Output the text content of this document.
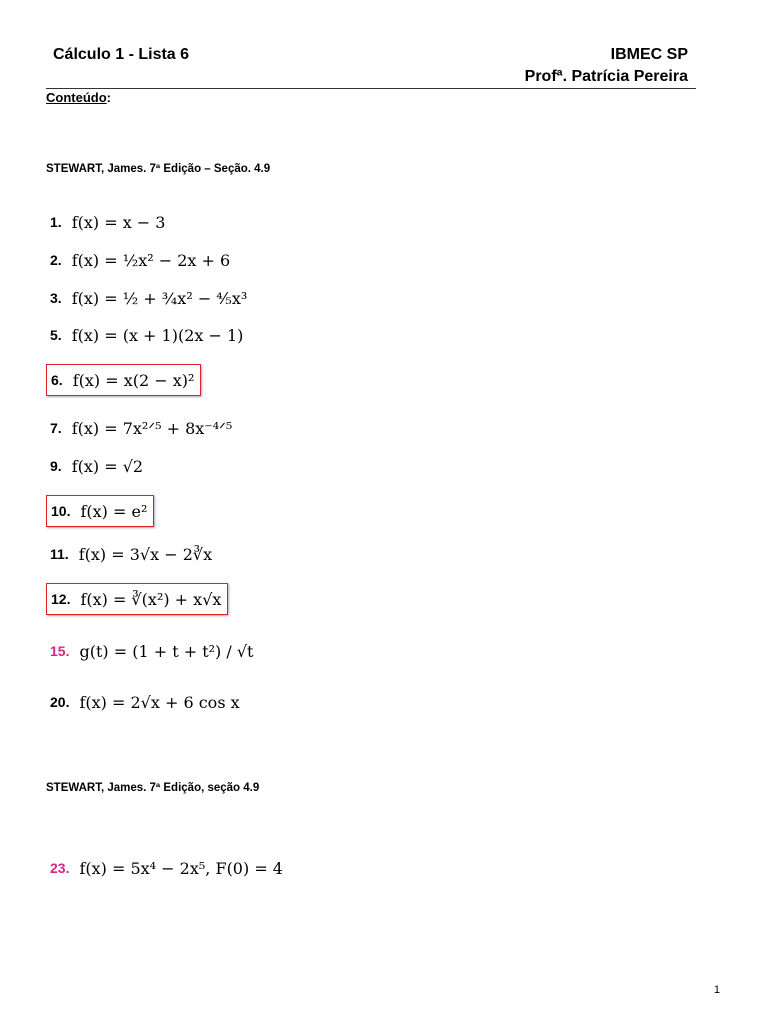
Cálculo 1 - Lista 6	IBMEC SP
Profª. Patrícia Pereira
Conteúdo:
STEWART, James. 7ª Edição – Seção. 4.9
1. f(x) = x − 3
2. f(x) = ½x² − 2x + 6
3. f(x) = ½ + ¾x² − ⅘x³
5. f(x) = (x + 1)(2x − 1)
6. f(x) = x(2 − x)²
7. f(x) = 7x²ᐟ⁵ + 8x⁻⁴ᐟ⁵
9. f(x) = √2
10. f(x) = e²
11. f(x) = 3√x − 2∛x
12. f(x) = ∛(x²) + x√x
15. g(t) = (1 + t + t²) / √t
20. f(x) = 2√x + 6 cos x
STEWART, James. 7ª Edição, seção 4.9
23. f(x) = 5x⁴ − 2x⁵, F(0) = 4
1
